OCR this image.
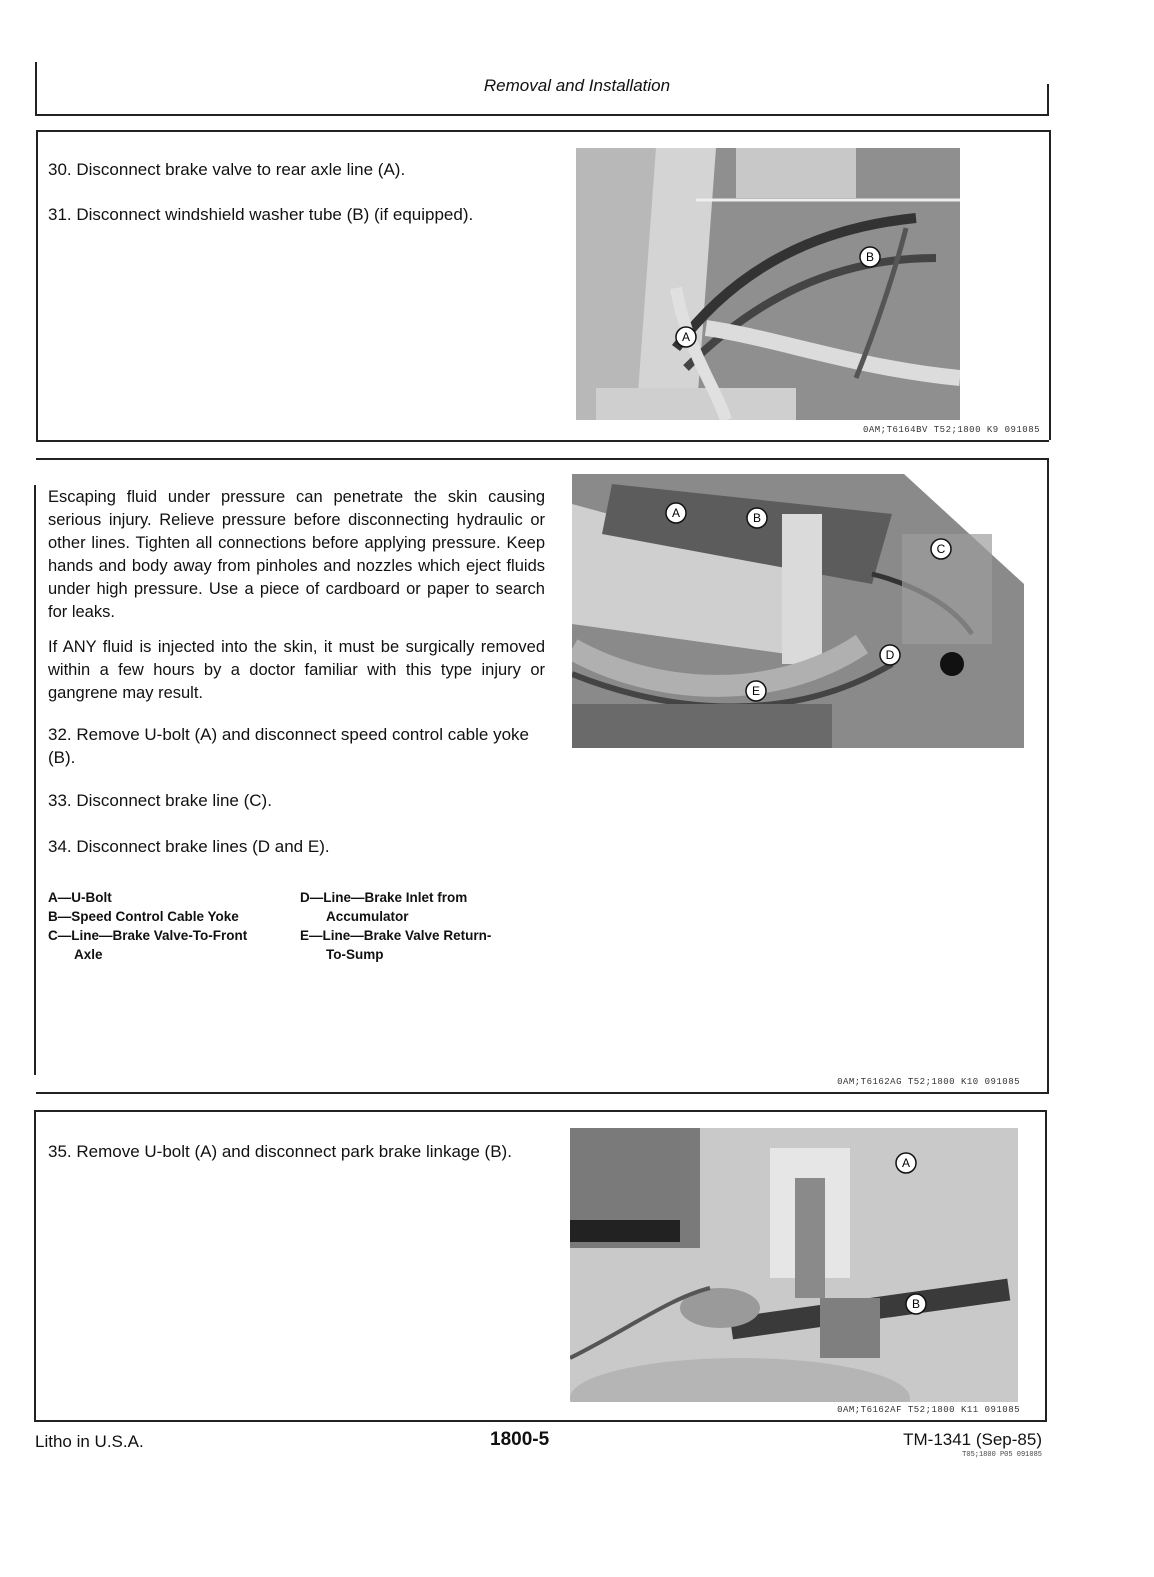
Removal and Installation
30. Disconnect brake valve to rear axle line (A).
31. Disconnect windshield washer tube (B) (if equipped).
B
A
0AM;T6164BV T52;1800 K9 091085
Escaping fluid under pressure can penetrate the skin causing serious injury. Relieve pressure before disconnecting hydraulic or other lines. Tighten all connections before applying pressure. Keep hands and body away from pinholes and nozzles which eject fluids under high pressure. Use a piece of cardboard or paper to search for leaks.
If ANY fluid is injected into the skin, it must be surgically removed within a few hours by a doctor familiar with this type injury or gangrene may result.
32. Remove U-bolt (A) and disconnect speed control cable yoke (B).
33. Disconnect brake line (C).
34. Disconnect brake lines (D and E).
A—U-Bolt
B—Speed Control Cable Yoke
C—Line—Brake Valve-To-Front
Axle
D—Line—Brake Inlet from
Accumulator
E—Line—Brake Valve Return-
To-Sump
A	B
C
D
E
0AM;T6162AG T52;1800 K10 091085
35. Remove U-bolt (A) and disconnect park brake linkage (B).
A
B
0AM;T6162AF T52;1800 K11 091085
Litho in U.S.A.	1800-5	TM-1341 (Sep-85)
T05;1800 P05 091085
